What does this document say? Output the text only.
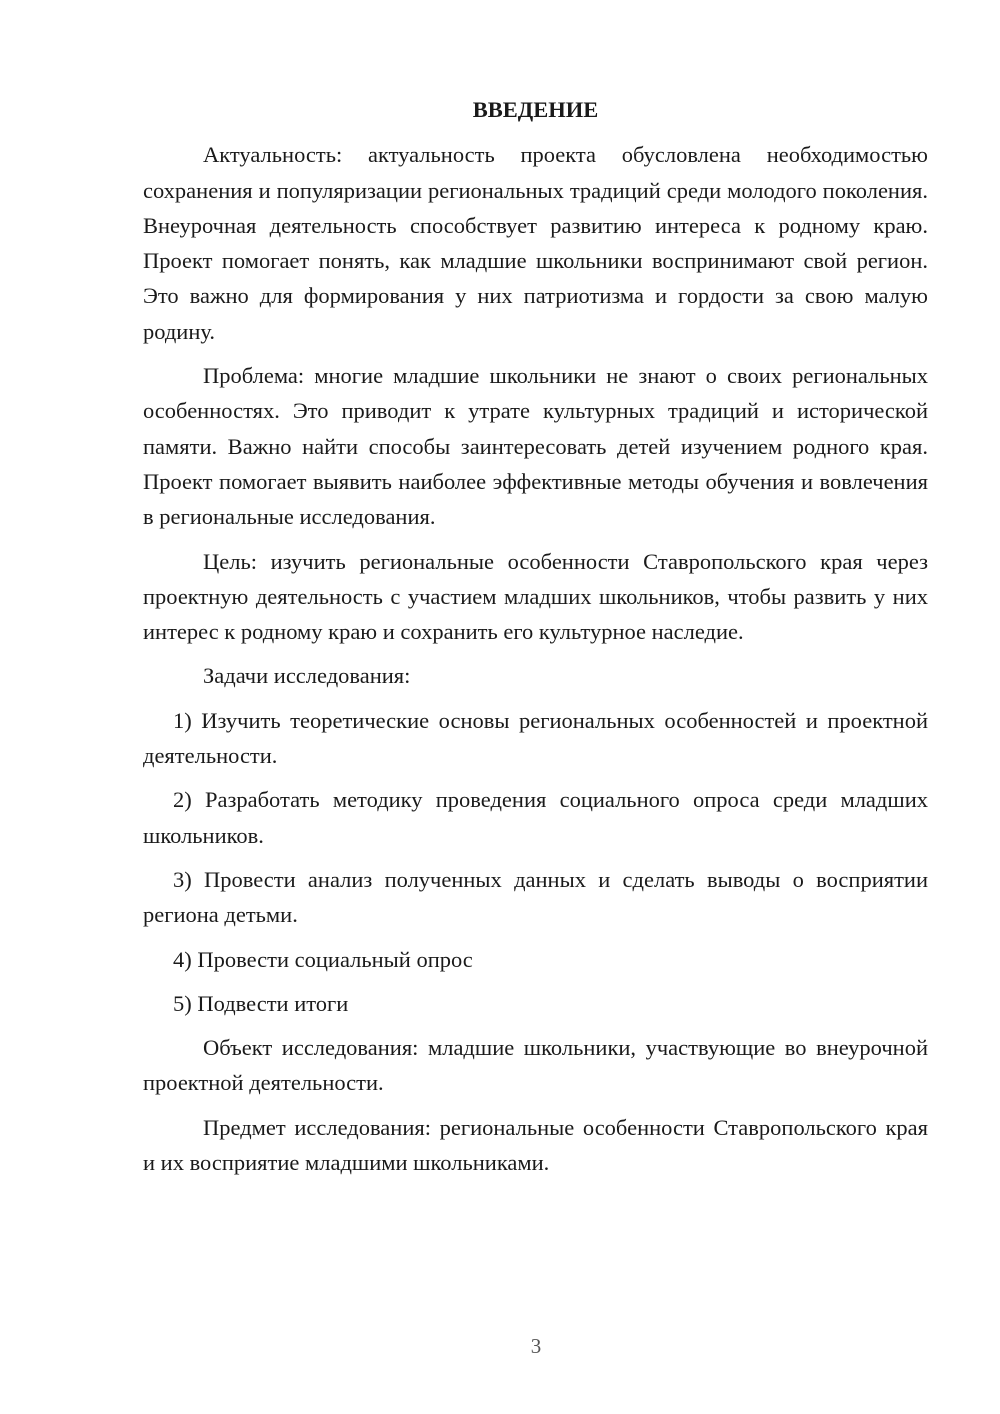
ВВЕДЕНИЕ

Актуальность: актуальность проекта обусловлена необходимостью сохранения и популяризации региональных традиций среди молодого поколения. Внеурочная деятельность способствует развитию интереса к родному краю. Проект помогает понять, как младшие школьники воспринимают свой регион. Это важно для формирования у них патриотизма и гордости за свою малую родину.

Проблема: многие младшие школьники не знают о своих региональных особенностях. Это приводит к утрате культурных традиций и исторической памяти. Важно найти способы заинтересовать детей изучением родного края. Проект помогает выявить наиболее эффективные методы обучения и вовлечения в региональные исследования.

Цель: изучить региональные особенности Ставропольского края через проектную деятельность с участием младших школьников, чтобы развить у них интерес к родному краю и сохранить его культурное наследие.

Задачи исследования:

1) Изучить теоретические основы региональных особенностей и проектной деятельности.

2) Разработать методику проведения социального опроса среди младших школьников.

3) Провести анализ полученных данных и сделать выводы о восприятии региона детьми.

4) Провести социальный опрос

5) Подвести итоги

Объект исследования: младшие школьники, участвующие во внеурочной проектной деятельности.

Предмет исследования: региональные особенности Ставропольского края и их восприятие младшими школьниками.

3
